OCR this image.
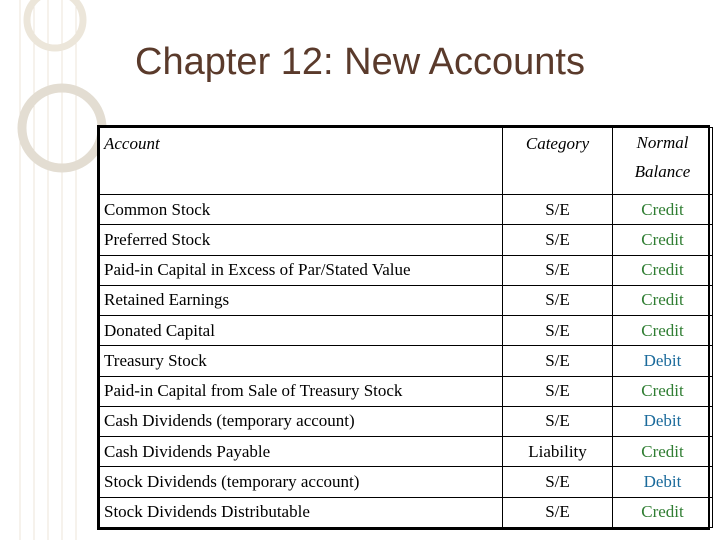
Chapter 12: New Accounts
Account	Category	Normal
Balance
Common Stock	S/E	Credit
Preferred Stock	S/E	Credit
Paid-in Capital in Excess of Par/Stated Value	S/E	Credit
Retained Earnings	S/E	Credit
Donated Capital	S/E	Credit
Treasury Stock	S/E	Debit
Paid-in Capital from Sale of Treasury Stock	S/E	Credit
Cash Dividends (temporary account)	S/E	Debit
Cash Dividends Payable	Liability	Credit
Stock Dividends (temporary account)	S/E	Debit
Stock Dividends Distributable	S/E	Credit
